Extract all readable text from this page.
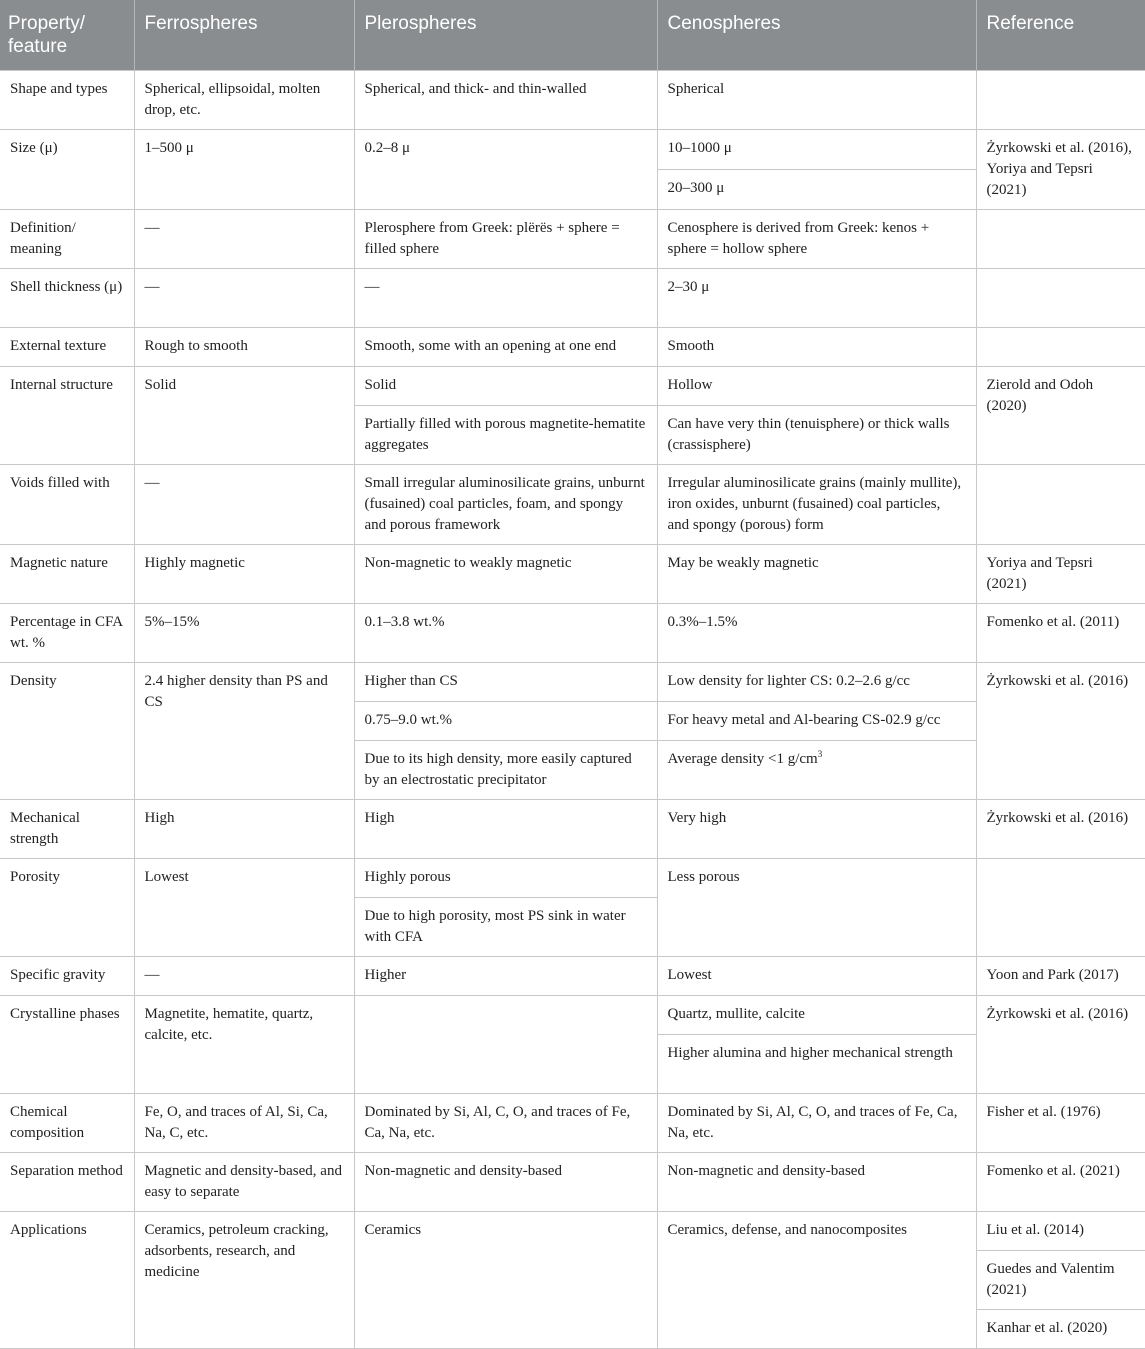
Property/ feature	Ferrospheres	Plerospheres	Cenospheres	Reference
Shape and types	Spherical, ellipsoidal, molten drop, etc.	Spherical, and thick- and thin-walled	Spherical	
Size (μ)	1–500 μ	0.2–8 μ	10–1000 μ	Żyrkowski et al. (2016), Yoriya and Tepsri (2021)
			20–300 μ	
Definition/ meaning	—	Plerosphere from Greek: plërës + sphere = filled sphere	Cenosphere is derived from Greek: kenos + sphere = hollow sphere	
Shell thickness (μ)	—	—	2–30 μ	
External texture	Rough to smooth	Smooth, some with an opening at one end	Smooth	
Internal structure	Solid	Solid	Hollow	Zierold and Odoh (2020)
		Partially filled with porous magnetite-hematite aggregates	Can have very thin (tenuisphere) or thick walls (crassisphere)	
Voids filled with	—	Small irregular aluminosilicate grains, unburnt (fusained) coal particles, foam, and spongy and porous framework	Irregular aluminosilicate grains (mainly mullite), iron oxides, unburnt (fusained) coal particles, and spongy (porous) form	
Magnetic nature	Highly magnetic	Non-magnetic to weakly magnetic	May be weakly magnetic	Yoriya and Tepsri (2021)
Percentage in CFA wt. %	5%–15%	0.1–3.8 wt.%	0.3%–1.5%	Fomenko et al. (2011)
Density	2.4 higher density than PS and CS	Higher than CS	Low density for lighter CS: 0.2–2.6 g/cc	Żyrkowski et al. (2016)
		0.75–9.0 wt.%	For heavy metal and Al-bearing CS-02.9 g/cc	
		Due to its high density, more easily captured by an electrostatic precipitator	Average density <1 $g/cm^3$
Mechanical strength	High	High	Very high	Żyrkowski et al. (2016)
Porosity	Lowest	Highly porous	Less porous	
		Due to high porosity, most PS sink in water with CFA		
Specific gravity	—	Higher	Lowest	Yoon and Park (2017)
Crystalline phases	Magnetite, hematite, quartz, calcite, etc.		Quartz, mullite, calcite	Żyrkowski et al. (2016)
			Higher alumina and higher mechanical strength	
Chemical composition	Fe, O, and traces of Al, Si, Ca, Na, C, etc.	Dominated by Si, Al, C, O, and traces of Fe, Ca, Na, etc.	Dominated by Si, Al, C, O, and traces of Fe, Ca, Na, etc.	Fisher et al. (1976)
Separation method	Magnetic and density-based, and easy to separate	Non-magnetic and density-based	Non-magnetic and density-based	Fomenko et al. (2021)
Applications	Ceramics, petroleum cracking, adsorbents, research, and medicine	Ceramics	Ceramics, defense, and nanocomposites	Liu et al. (2014)
				Guedes and Valentim (2021)
				Kanhar et al. (2020)
